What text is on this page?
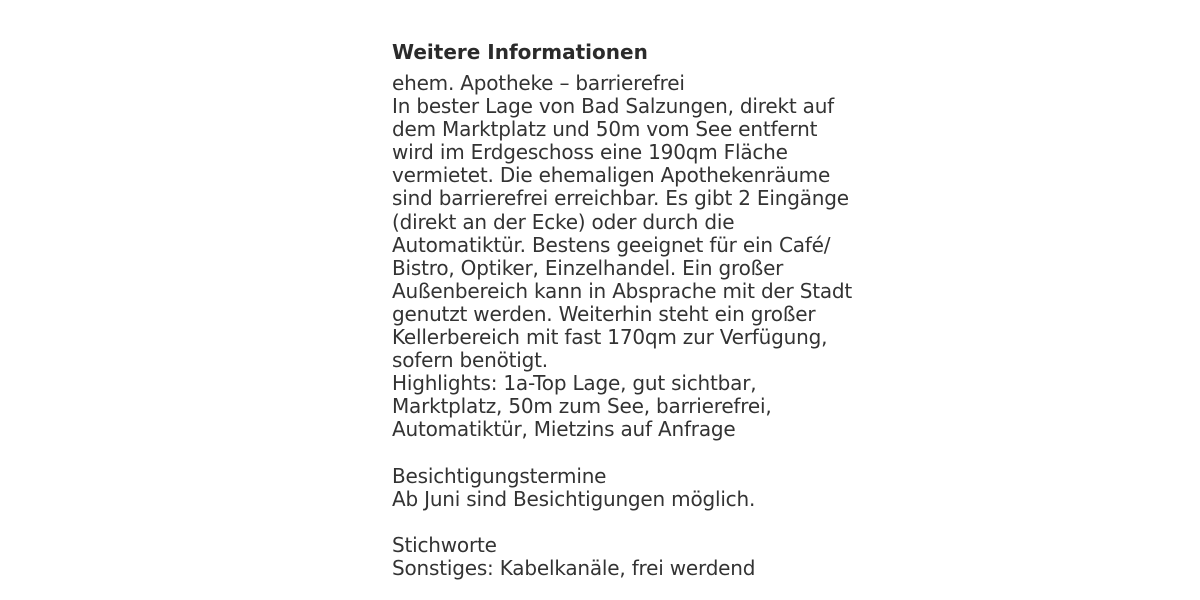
Weitere Informationen
ehem. Apotheke – barrierefrei
In bester Lage von Bad Salzungen, direkt auf
dem Marktplatz und 50m vom See entfernt
wird im Erdgeschoss eine 190qm Fläche
vermietet. Die ehemaligen Apothekenräume
sind barrierefrei erreichbar. Es gibt 2 Eingänge
(direkt an der Ecke) oder durch die
Automatiktür. Bestens geeignet für ein Café/
Bistro, Optiker, Einzelhandel. Ein großer
Außenbereich kann in Absprache mit der Stadt
genutzt werden. Weiterhin steht ein großer
Kellerbereich mit fast 170qm zur Verfügung,
sofern benötigt.
Highlights: 1a-Top Lage, gut sichtbar,
Marktplatz, 50m zum See, barrierefrei,
Automatiktür, Mietzins auf Anfrage
Besichtigungstermine
Ab Juni sind Besichtigungen möglich.
Stichworte
Sonstiges: Kabelkanäle, frei werdend
